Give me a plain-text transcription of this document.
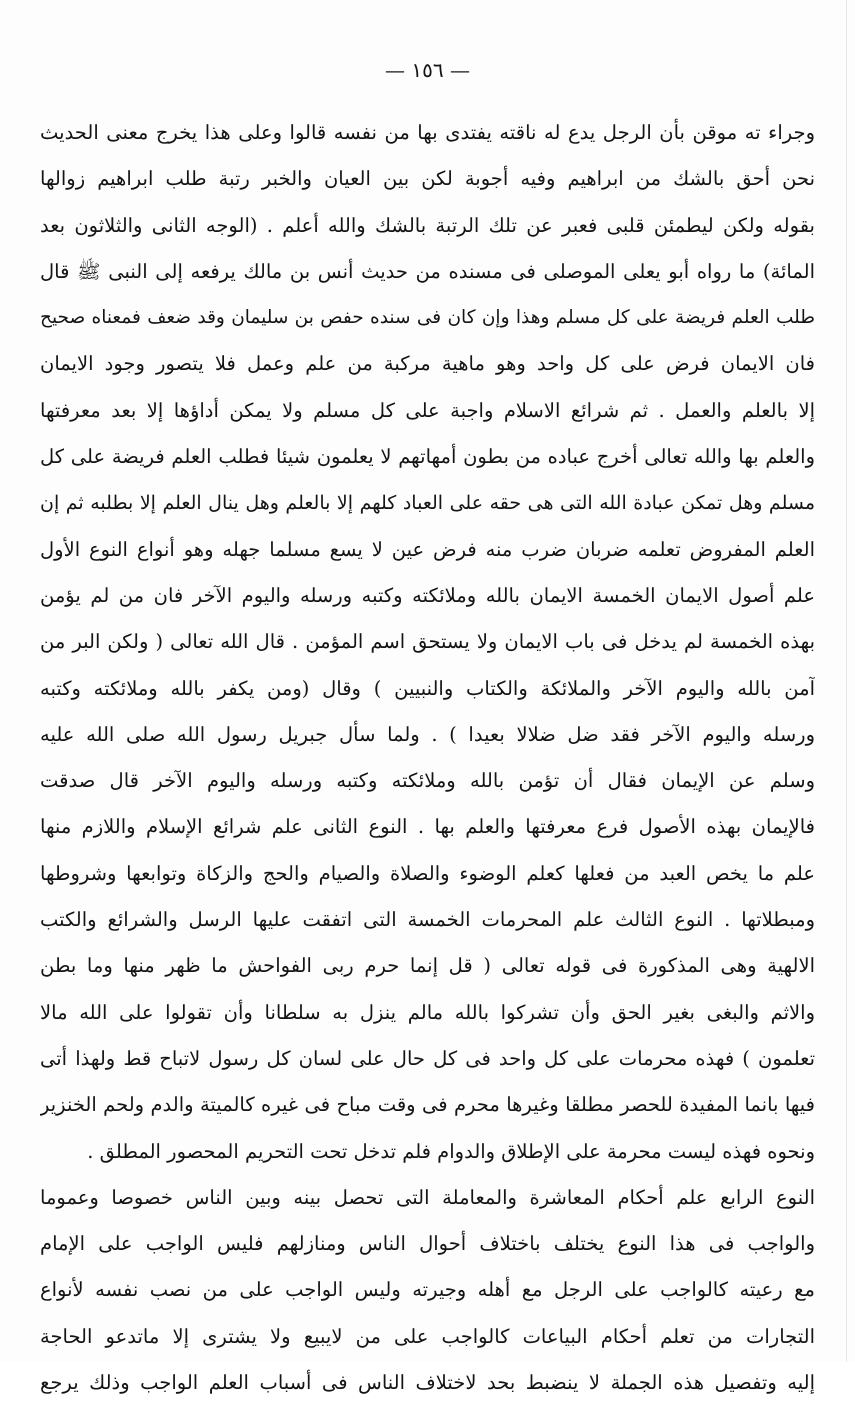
— ١٥٦ —
وجراء ته موقن بأن الرجل يدع له ناقته يفتدى بها من نفسه قالوا وعلى هذا يخرج معنى الحديث
نحن أحق بالشك من ابراهيم وفيه أجوبة لكن بين العيان والخبر رتبة طلب ابراهيم زوالها
بقوله ولكن ليطمئن قلبى فعبر عن تلك الرتبة بالشك والله أعلم . (الوجه الثانى والثلاثون بعد
المائة) ما رواه أبو يعلى الموصلى فى مسنده من حديث أنس بن مالك يرفعه إلى النبى ﷺ قال
طلب العلم فريضة على كل مسلم وهذا وإن كان فى سنده حفص بن سليمان وقد ضعف فمعناه صحيح
فان الايمان فرض على كل واحد وهو ماهية مركبة من علم وعمل فلا يتصور وجود الايمان
إلا بالعلم والعمل . ثم شرائع الاسلام واجبة على كل مسلم ولا يمكن أداؤها إلا بعد معرفتها
والعلم بها والله تعالى أخرج عباده من بطون أمهاتهم لا يعلمون شيئا فطلب العلم فريضة على كل
مسلم وهل تمكن عبادة الله التى هى حقه على العباد كلهم إلا بالعلم وهل ينال العلم إلا بطلبه ثم إن
العلم المفروض تعلمه ضربان ضرب منه فرض عين لا يسع مسلما جهله وهو أنواع النوع الأول
علم أصول الايمان الخمسة الايمان بالله وملائكته وكتبه ورسله واليوم الآخر فان من لم يؤمن
بهذه الخمسة لم يدخل فى باب الايمان ولا يستحق اسم المؤمن . قال الله تعالى ( ولكن البر من
آمن بالله واليوم الآخر والملائكة والكتاب والنبيين ) وقال (ومن يكفر بالله وملائكته وكتبه
ورسله واليوم الآخر فقد ضل ضلالا بعيدا ) . ولما سأل جبريل رسول الله صلى الله عليه
وسلم عن الإيمان فقال أن تؤمن بالله وملائكته وكتبه ورسله واليوم الآخر قال صدقت
فالإيمان بهذه الأصول فرع معرفتها والعلم بها . النوع الثانى علم شرائع الإسلام واللازم منها
علم ما يخص العبد من فعلها كعلم الوضوء والصلاة والصيام والحج والزكاة وتوابعها وشروطها
ومبطلاتها . النوع الثالث علم المحرمات الخمسة التى اتفقت عليها الرسل والشرائع والكتب
الالهية وهى المذكورة فى قوله تعالى ( قل إنما حرم ربى الفواحش ما ظهر منها وما بطن
والاثم والبغى بغير الحق وأن تشركوا بالله مالم ينزل به سلطانا وأن تقولوا على الله مالا
تعلمون ) فهذه محرمات على كل واحد فى كل حال على لسان كل رسول لاتباح قط ولهذا أتى
فيها بانما المفيدة للحصر مطلقا وغيرها محرم فى وقت مباح فى غيره كالميتة والدم ولحم الخنزير
ونحوه فهذه ليست محرمة على الإطلاق والدوام فلم تدخل تحت التحريم المحصور المطلق .
النوع الرابع علم أحكام المعاشرة والمعاملة التى تحصل بينه وبين الناس خصوصا وعموما
والواجب فى هذا النوع يختلف باختلاف أحوال الناس ومنازلهم فليس الواجب على الإمام
مع رعيته كالواجب على الرجل مع أهله وجيرته وليس الواجب على من نصب نفسه لأنواع
التجارات من تعلم أحكام البياعات كالواجب على من لايبيع ولا يشترى إلا ماتدعو الحاجة
إليه وتفصيل هذه الجملة لا ينضبط بحد لاختلاف الناس فى أسباب العلم الواجب وذلك يرجع
